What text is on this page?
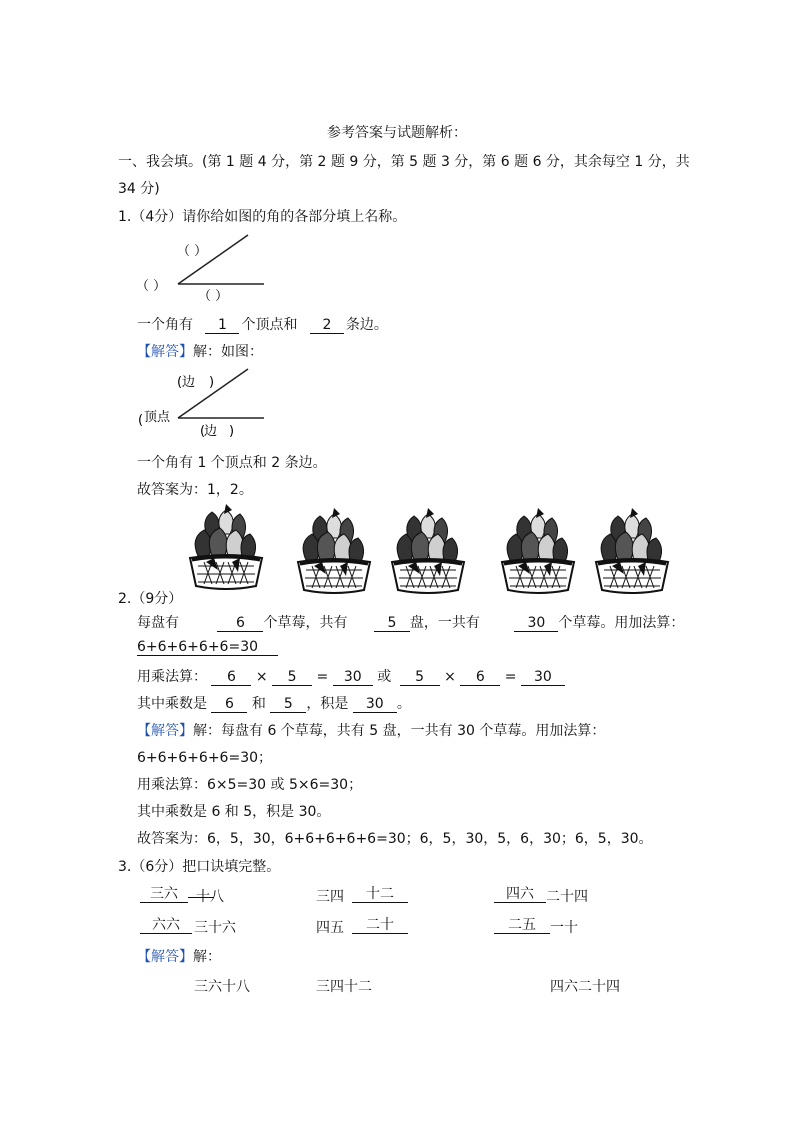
参考答案与试题解析：
一、我会填。(第 1 题 4 分，第 2 题 9 分，第 5 题 3 分，第 6 题 6 分，其余每空 1 分，共
34 分)
1.（4分）请你给如图的角的各部分填上名称。
（ ）
（ ）
（ ）
一个角有 1 个顶点和 2 条边。
【解答】解：如图：
( 边 )
( 顶点
(
边 )
一个角有 1 个顶点和 2 条边。
故答案为：1，2。
2.（9分）
每盘有	6 个草莓，共有	5 盘，一共有	30 个草莓。用加法算：
6+6+6+6+6=30
用乘法算： 6 × 5 = 30 或 5 × 6 = 30
其中乘数是 6 和 5 ，积是 30 。
【解答】解：每盘有 6 个草莓，共有 5 盘，一共有 30 个草莓。用加法算：
6+6+6+6+6=30；
用乘法算：6×5=30 或 5×6=30；
其中乘数是 6 和 5，积是 30。
故答案为：6，5，30，6+6+6+6+6=30；6，5，30，5，6，30；6，5，30。
3.（6分）把口诀填完整。
三六	十八	三四	十二	四六 二十四
六六	三十六	四五	二十	二五	一十
【解答】解：
三六十八	三四十二	四六二十四
